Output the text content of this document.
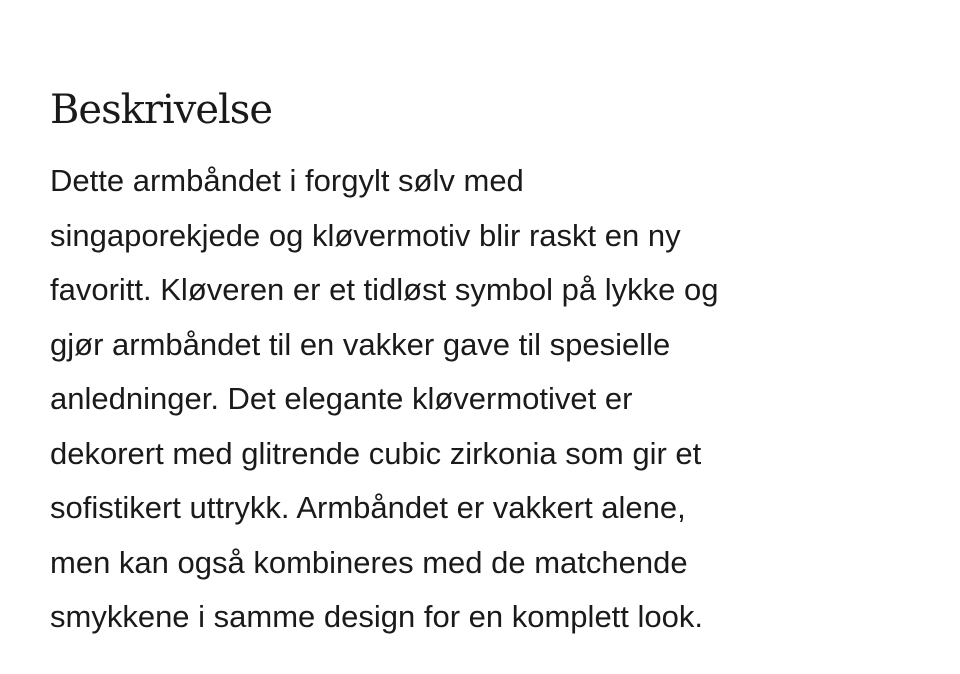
Beskrivelse

Dette armbåndet i forgylt sølv med
singaporekjede og kløvermotiv blir raskt en ny
favoritt. Kløveren er et tidløst symbol på lykke og
gjør armbåndet til en vakker gave til spesielle
anledninger. Det elegante kløvermotivet er
dekorert med glitrende cubic zirkonia som gir et
sofistikert uttrykk. Armbåndet er vakkert alene,
men kan også kombineres med de matchende
smykkene i samme design for en komplett look.
